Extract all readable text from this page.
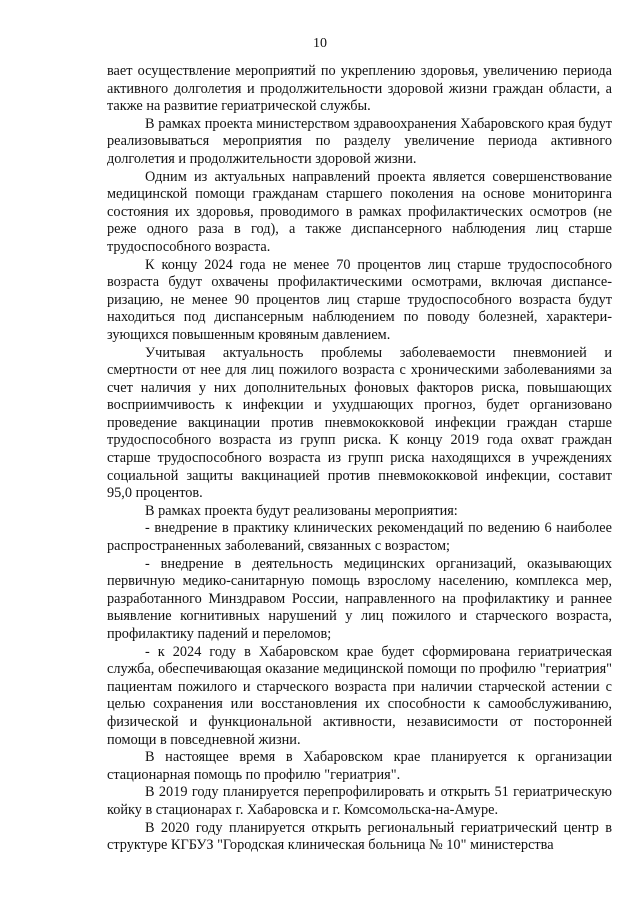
10

вает осуществление мероприятий по укреплению здоровья, увеличению периода активного долголетия и продолжительности здоровой жизни граждан области, а также на развитие гериатрической службы.

В рамках проекта министерством здравоохранения Хабаровского края будут реализовываться мероприятия по разделу увеличение периода активного долголетия и продолжительности здоровой жизни.

Одним из актуальных направлений проекта является совершенствование медицинской помощи гражданам старшего поколения на основе мониторинга состояния их здоровья, проводимого в рамках профилактических осмотров (не реже одного раза в год), а также диспансерного наблюдения лиц старше трудоспособного возраста.

К концу 2024 года не менее 70 процентов лиц старше трудоспособного возраста будут охвачены профилактическими осмотрами, включая диспансеризацию, не менее 90 процентов лиц старше трудоспособного возраста будут находиться под диспансерным наблюдением по поводу болезней, характеризующихся повышенным кровяным давлением.

Учитывая актуальность проблемы заболеваемости пневмонией и смертности от нее для лиц пожилого возраста с хроническими заболеваниями за счет наличия у них дополнительных фоновых факторов риска, повышающих восприимчивость к инфекции и ухудшающих прогноз, будет организовано проведение вакцинации против пневмококковой инфекции граждан старше трудоспособного возраста из групп риска. К концу 2019 года охват граждан старше трудоспособного возраста из групп риска находящихся в учреждениях социальной защиты вакцинацией против пневмококковой инфекции, составит 95,0 процентов.

В рамках проекта будут реализованы мероприятия:

- внедрение в практику клинических рекомендаций по ведению 6 наиболее распространенных заболеваний, связанных с возрастом;

- внедрение в деятельность медицинских организаций, оказывающих первичную медико-санитарную помощь взрослому населению, комплекса мер, разработанного Минздравом России, направленного на профилактику и раннее выявление когнитивных нарушений у лиц пожилого и старческого возраста, профилактику падений и переломов;

- к 2024 году в Хабаровском крае будет сформирована гериатрическая служба, обеспечивающая оказание медицинской помощи по профилю "гериатрия" пациентам пожилого и старческого возраста при наличии старческой астении с целью сохранения или восстановления их способности к самообслуживанию, физической и функциональной активности, независимости от посторонней помощи в повседневной жизни.

В настоящее время в Хабаровском крае планируется к организации стационарная помощь по профилю "гериатрия".

В 2019 году планируется перепрофилировать и открыть 51 гериатрическую койку в стационарах г. Хабаровска и г. Комсомольска-на-Амуре.

В 2020 году планируется открыть региональный гериатрический центр в структуре КГБУЗ "Городская клиническая больница № 10" министерства
